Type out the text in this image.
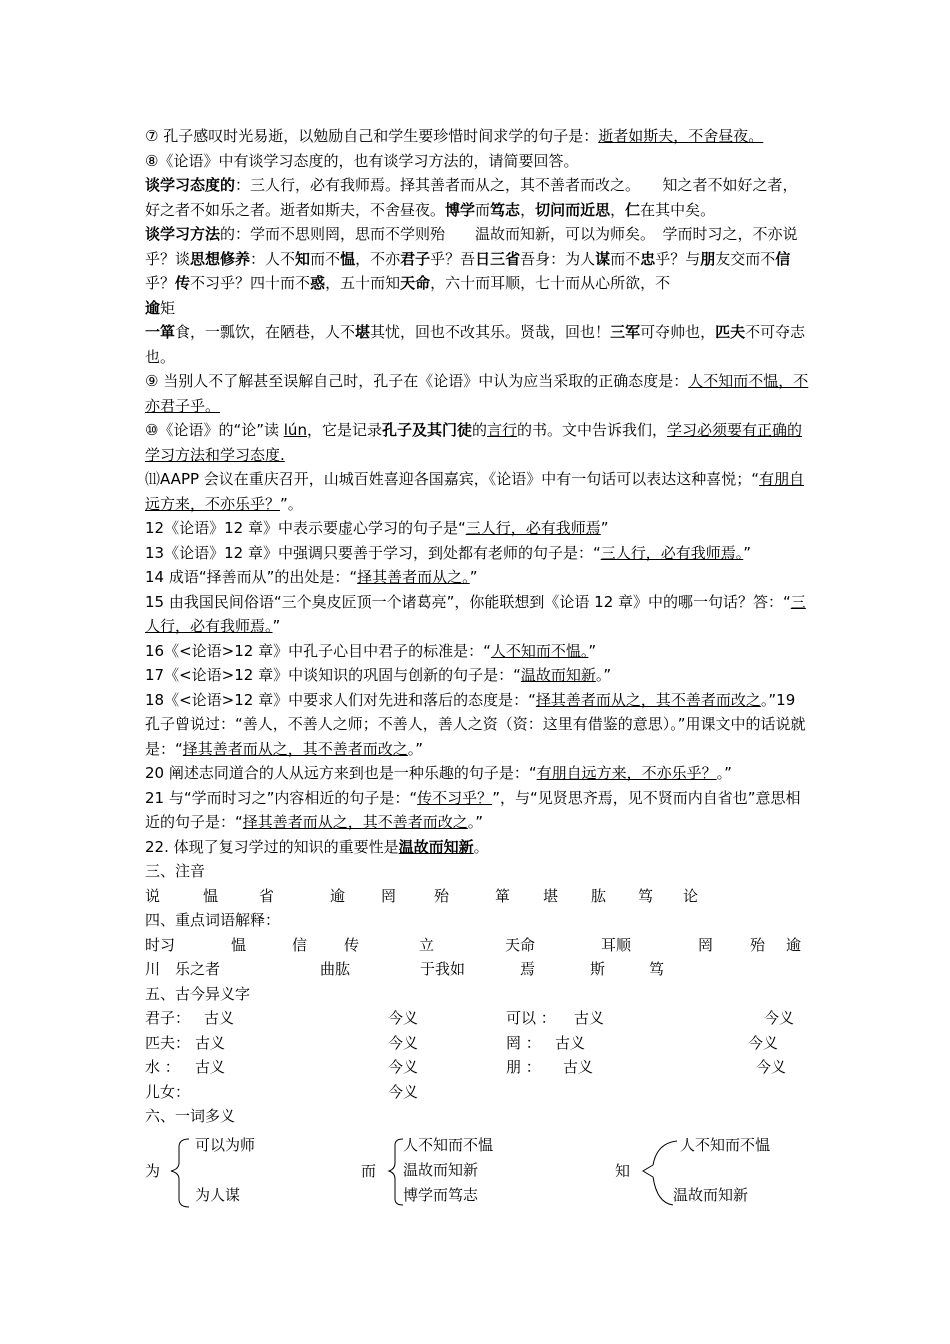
⑦ 孔子感叹时光易逝，以勉励自己和学生要珍惜时间求学的句子是：逝者如斯夫，不舍昼夜。

⑧《论语》中有谈学习态度的，也有谈学习方法的，请简要回答。

谈学习态度的：三人行，必有我师焉。择其善者而从之，其不善者而改之。　　知之者不如好之者，好之者不如乐之者。逝者如斯夫，不舍昼夜。博学而笃志，切问而近思，仁在其中矣。

谈学习方法的：学而不思则罔，思而不学则殆　　温故而知新，可以为师矣。　学而时习之，不亦说乎？谈思想修养：人不知而不愠，不亦君子乎？吾日三省吾身：为人谋而不忠乎？与朋友交而不信乎？传不习乎？四十而不惑，五十而知天命，六十而耳顺，七十而从心所欲，不
逾矩

一箪食，一瓢饮，在陋巷，人不堪其忧，回也不改其乐。贤哉，回也！三军可夺帅也，匹夫不可夺志也。

⑨ 当别人不了解甚至误解自己时，孔子在《论语》中认为应当采取的正确态度是：人不知而不愠，不亦君子乎。

⑩《论语》的“论”读 lún，它是记录孔子及其门徒的言行的书。文中告诉我们，学习必须要有正确的学习方法和学习态度.

⑾AAPP 会议在重庆召开，山城百姓喜迎各国嘉宾，《论语》中有一句话可以表达这种喜悦；“有朋自远方来，不亦乐乎？”。

12《论语》12 章》中表示要虚心学习的句子是“三人行，必有我师焉”

13《论语》12 章》中强调只要善于学习，到处都有老师的句子是：“三人行，必有我师焉。”

14 成语“择善而从”的出处是：“择其善者而从之。”

15 由我国民间俗语“三个臭皮匠顶一个诸葛亮”，你能联想到《论语 12 章》中的哪一句话？答：“三人行，必有我师焉。”

16《<论语>12 章》中孔子心目中君子的标准是：“人不知而不愠。”

17《<论语>12 章》中谈知识的巩固与创新的句子是：“温故而知新。”

18《<论语>12 章》中要求人们对先进和落后的态度是：“择其善者而从之，其不善者而改之。”19 孔子曾说过：“善人，不善人之师；不善人，善人之资（资：这里有借鉴的意思）。”用课文中的话说就是：“择其善者而从之，其不善者而改之。”

20 阐述志同道合的人从远方来到也是一种乐趣的句子是：“有朋自远方来，不亦乐乎？。”

21 与“学而时习之”内容相近的句子是：“传不习乎？”，与“见贤思齐焉，见不贤而内自省也”意思相近的句子是：“择其善者而从之，其不善者而改之。”

22. 体现了复习学过的知识的重要性是温故而知新。

三、注音

说	愠	省	逾	罔	殆	箪	堪	肱	笃	论

四、重点词语解释：

时习	愠	信	传	立	天命	耳顺	罔	殆	逾
川 乐之者	曲肱	于我如	焉	斯	笃

五、古今异义字

君子： 古义	今义	可以 ：	古义	今义
匹夫： 古义	今义	罔 ： 古义	今义
水 ：	古义	今义	朋 ：	古义	今义
儿女：	今义

六、一词多义

为
可以为师
为人谋
而
人不知而不愠
温故而知新
博学而笃志
知
人不知而不愠
温故而知新
